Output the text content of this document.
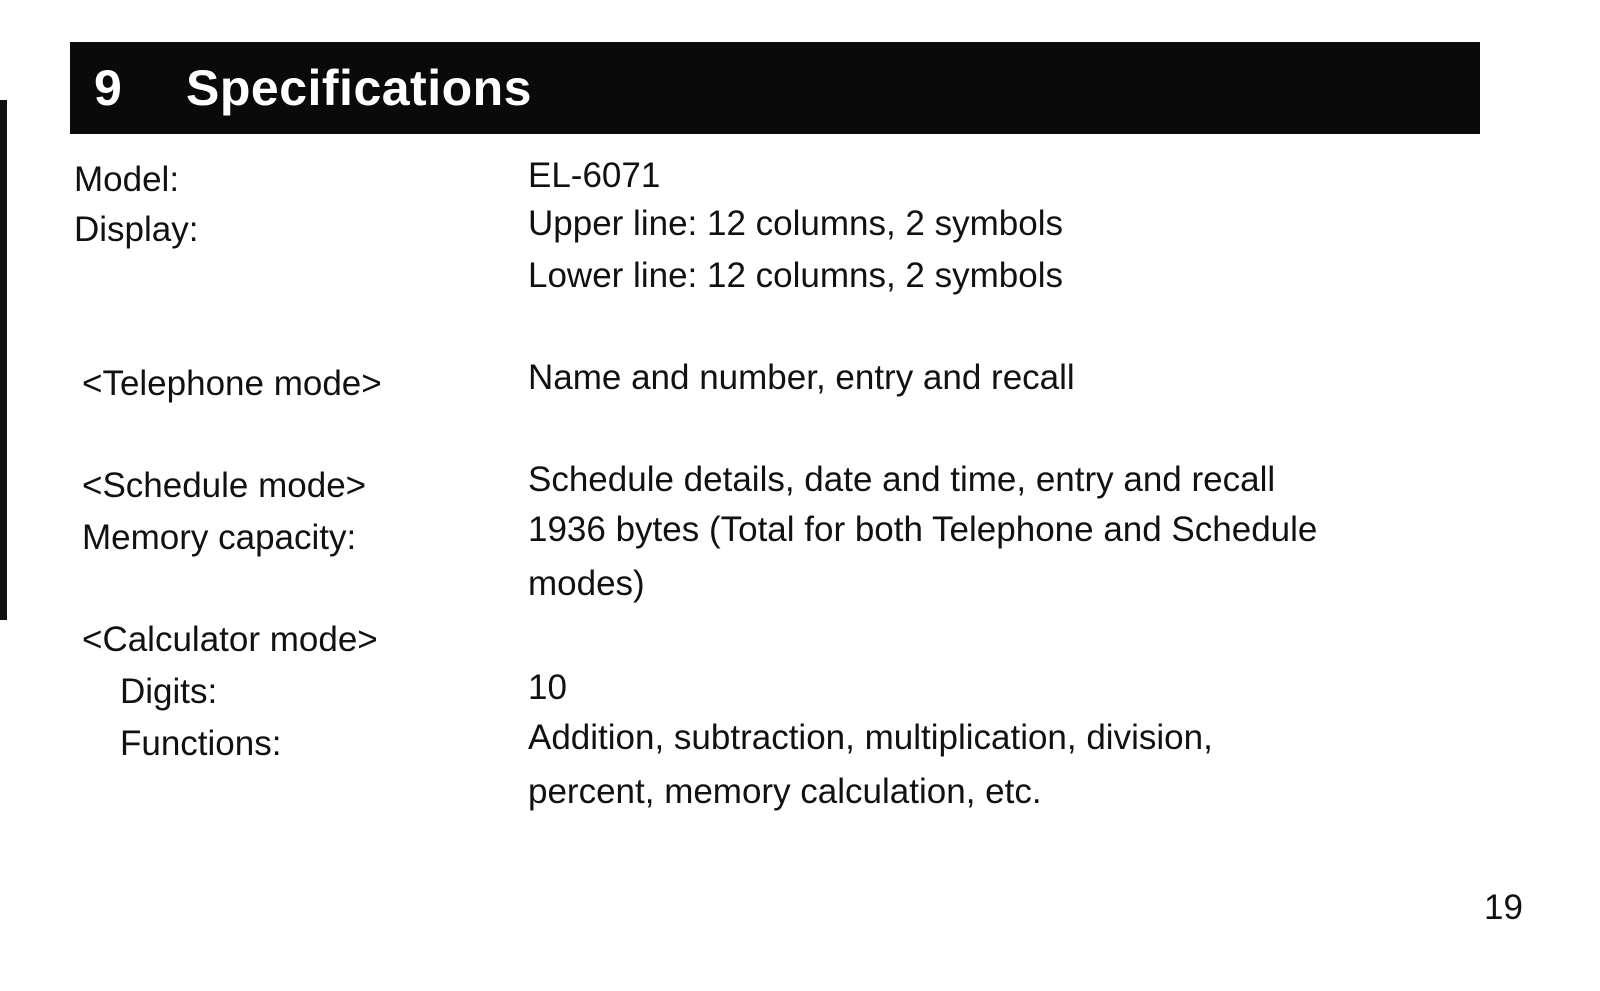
9	Specifications
Model:	EL-6071
Display:	Upper line: 12 columns, 2 symbols
Lower line: 12 columns, 2 symbols
<Telephone mode>	Name and number, entry and recall
<Schedule mode>	Schedule details, date and time, entry and recall
Memory capacity:	1936 bytes (Total for both Telephone and Schedule
modes)
<Calculator mode>
Digits:	10
Functions:	Addition, subtraction, multiplication, division,
percent, memory calculation, etc.
19
